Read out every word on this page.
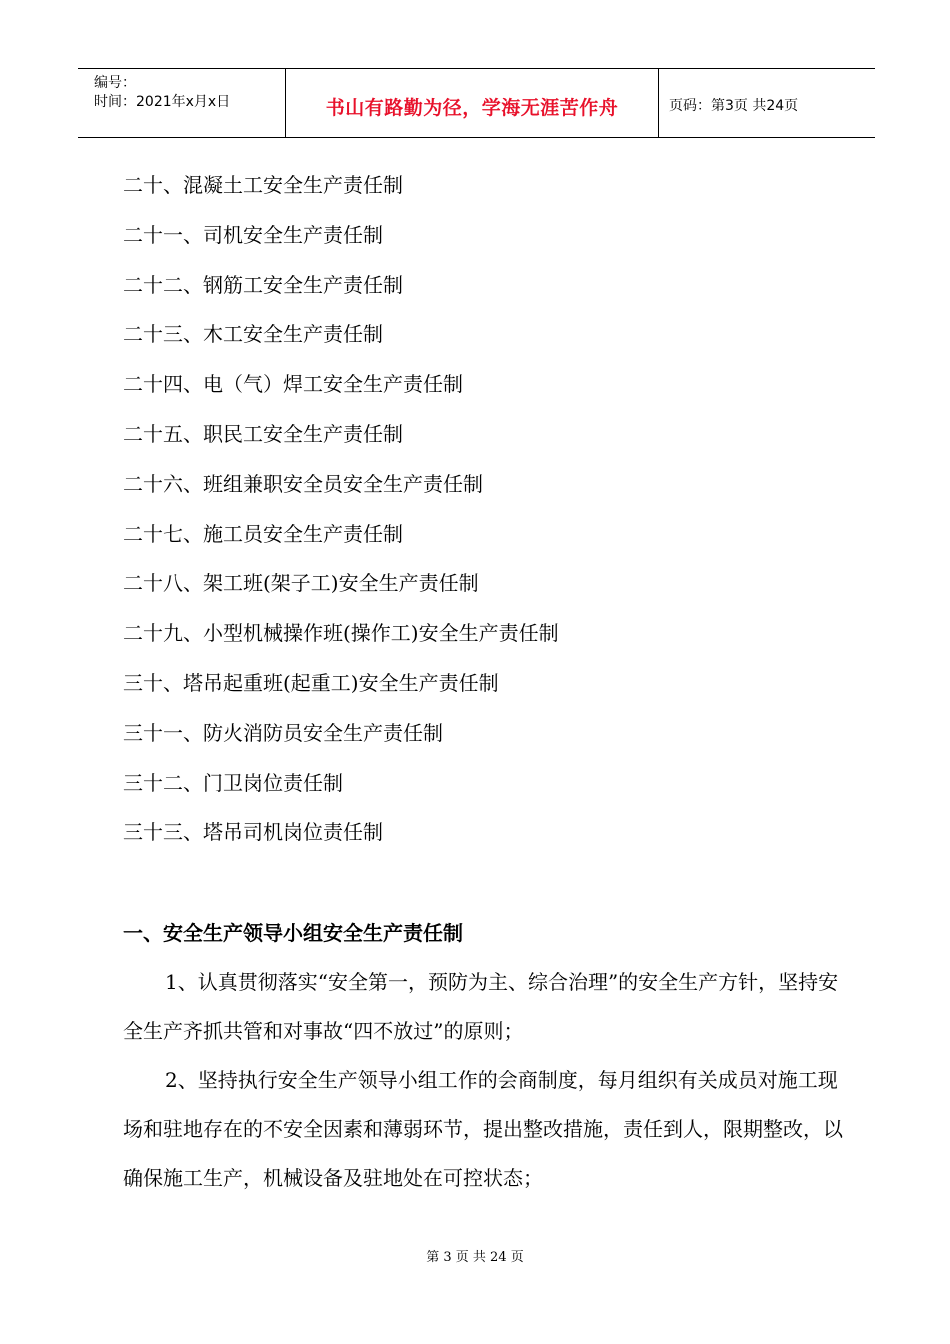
编号：
时间：2021年x月x日	书山有路勤为径，学海无涯苦作舟	页码：第3页 共24页
二十、混凝土工安全生产责任制
二十一、司机安全生产责任制
二十二、钢筋工安全生产责任制
二十三、木工安全生产责任制
二十四、电（气）焊工安全生产责任制
二十五、职民工安全生产责任制
二十六、班组兼职安全员安全生产责任制
二十七、施工员安全生产责任制
二十八、架工班(架子工)安全生产责任制
二十九、小型机械操作班(操作工)安全生产责任制
三十、塔吊起重班(起重工)安全生产责任制
三十一、防火消防员安全生产责任制
三十二、门卫岗位责任制
三十三、塔吊司机岗位责任制
一、安全生产领导小组安全生产责任制

1、认真贯彻落实“安全第一，预防为主、综合治理”的安全生产方针，坚持安全生产齐抓共管和对事故“四不放过”的原则；

2、坚持执行安全生产领导小组工作的会商制度，每月组织有关成员对施工现场和驻地存在的不安全因素和薄弱环节，提出整改措施，责任到人，限期整改，以确保施工生产，机械设备及驻地处在可控状态；

第 3 页 共 24 页
